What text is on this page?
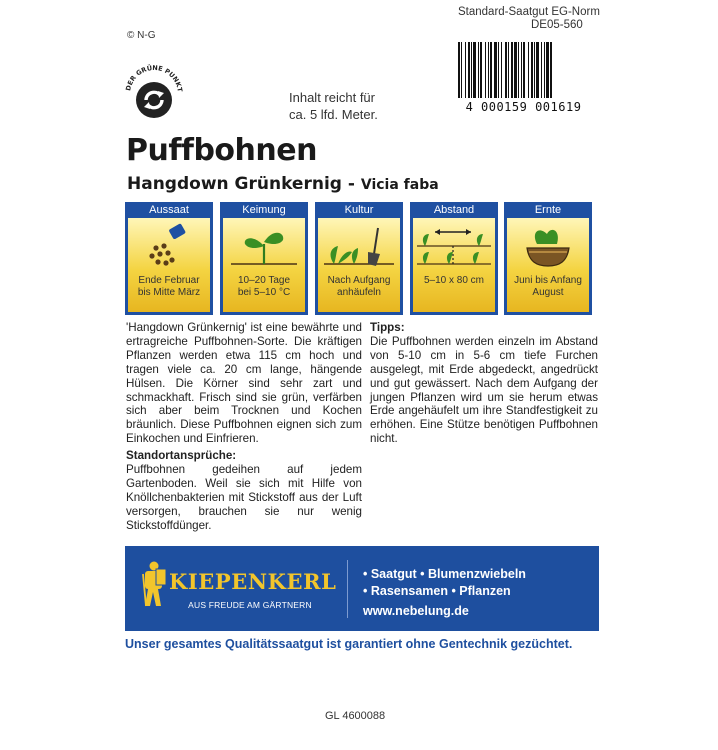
Standard-Saatgut EG-Norm
DE05-560
© N-G
DER GRÜNE PUNKT
Inhalt reicht für
ca. 5 lfd. Meter.	4 000159 001619
Puffbohnen
Hangdown Grünkernig - Vicia faba
Aussaat
Ende Februar
bis Mitte März
Keimung
10–20 Tage
bei 5–10 °C
Kultur
Nach Aufgang
anhäufeln
Abstand
5–10 x 80 cm
Ernte
Juni bis Anfang
August
'Hangdown Grünkernig' ist eine bewährte und ertragreiche Puffbohnen-Sorte. Die kräftigen Pflanzen werden etwa 115 cm hoch und tragen viele ca. 20 cm lange, hängende Hülsen. Die Körner sind sehr zart und schmackhaft. Frisch sind sie grün, verfärben sich aber beim Trocknen und Kochen bräunlich. Diese Puffbohnen eignen sich zum Einkochen und Einfrieren.
Standortansprüche:
Puffbohnen gedeihen auf jedem Gartenboden. Weil sie sich mit Hilfe von Knöllchenbakterien mit Stickstoff aus der Luft versorgen, brauchen sie nur wenig Stickstoffdünger.
Tipps:
Die Puffbohnen werden einzeln im Abstand von 5-10 cm in 5-6 cm tiefe Furchen ausgelegt, mit Erde abgedeckt, angedrückt und gut gewässert. Nach dem Aufgang der jungen Pflanzen wird um sie herum etwas Erde angehäufelt um ihre Standfestigkeit zu erhöhen. Eine Stütze benötigen Puffbohnen nicht.
KIEPENKERL
AUS FREUDE AM GÄRTNERN
• Saatgut • Blumenzwiebeln
• Rasensamen • Pflanzen
www.nebelung.de
Unser gesamtes Qualitätssaatgut ist garantiert ohne Gentechnik gezüchtet.
GL 4600088
